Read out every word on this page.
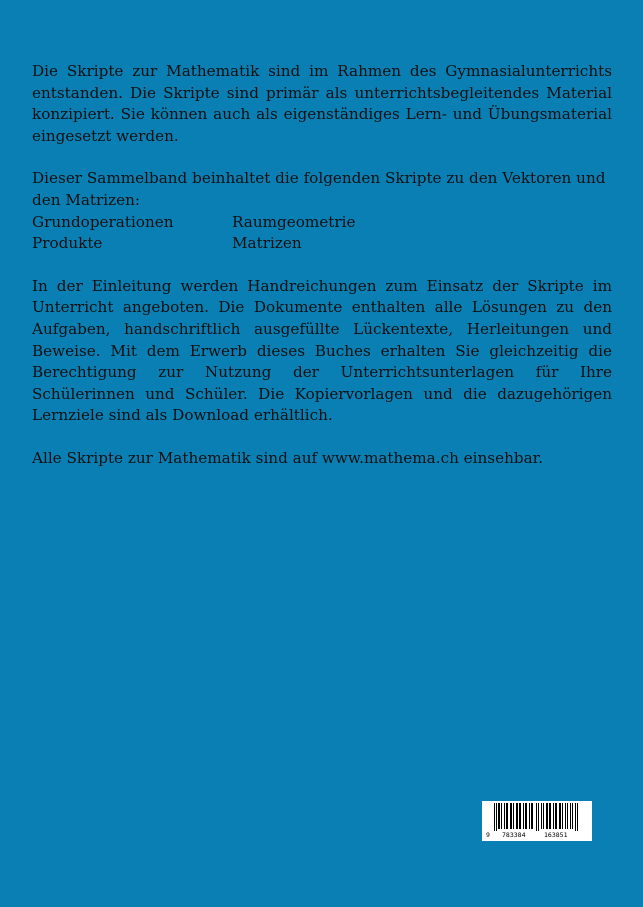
Die Skripte zur Mathematik sind im Rahmen des Gymnasialunterrichts entstanden. Die Skripte sind primär als unterrichtsbegleitendes Material konzipiert. Sie können auch als eigenständiges Lern- und Übungsmaterial eingesetzt werden.

Dieser Sammelband beinhaltet die folgenden Skripte zu den Vektoren und

den Matrizen:

Grundoperationen	Raumgeometrie
Produkte	Matrizen

In der Einleitung werden Handreichungen zum Einsatz der Skripte im Unterricht angeboten. Die Dokumente enthalten alle Lösungen zu den Aufgaben, handschriftlich ausgefüllte Lückentexte, Herleitungen und Beweise. Mit dem Erwerb dieses Buches erhalten Sie gleichzeitig die Berechtigung zur Nutzung der Unterrichtsunterlagen für Ihre Schülerinnen und Schüler. Die Kopiervorlagen und die dazugehörigen Lernziele sind als Download erhältlich.

Alle Skripte zur Mathematik sind auf www.mathema.ch einsehbar.

9 783384	163851
